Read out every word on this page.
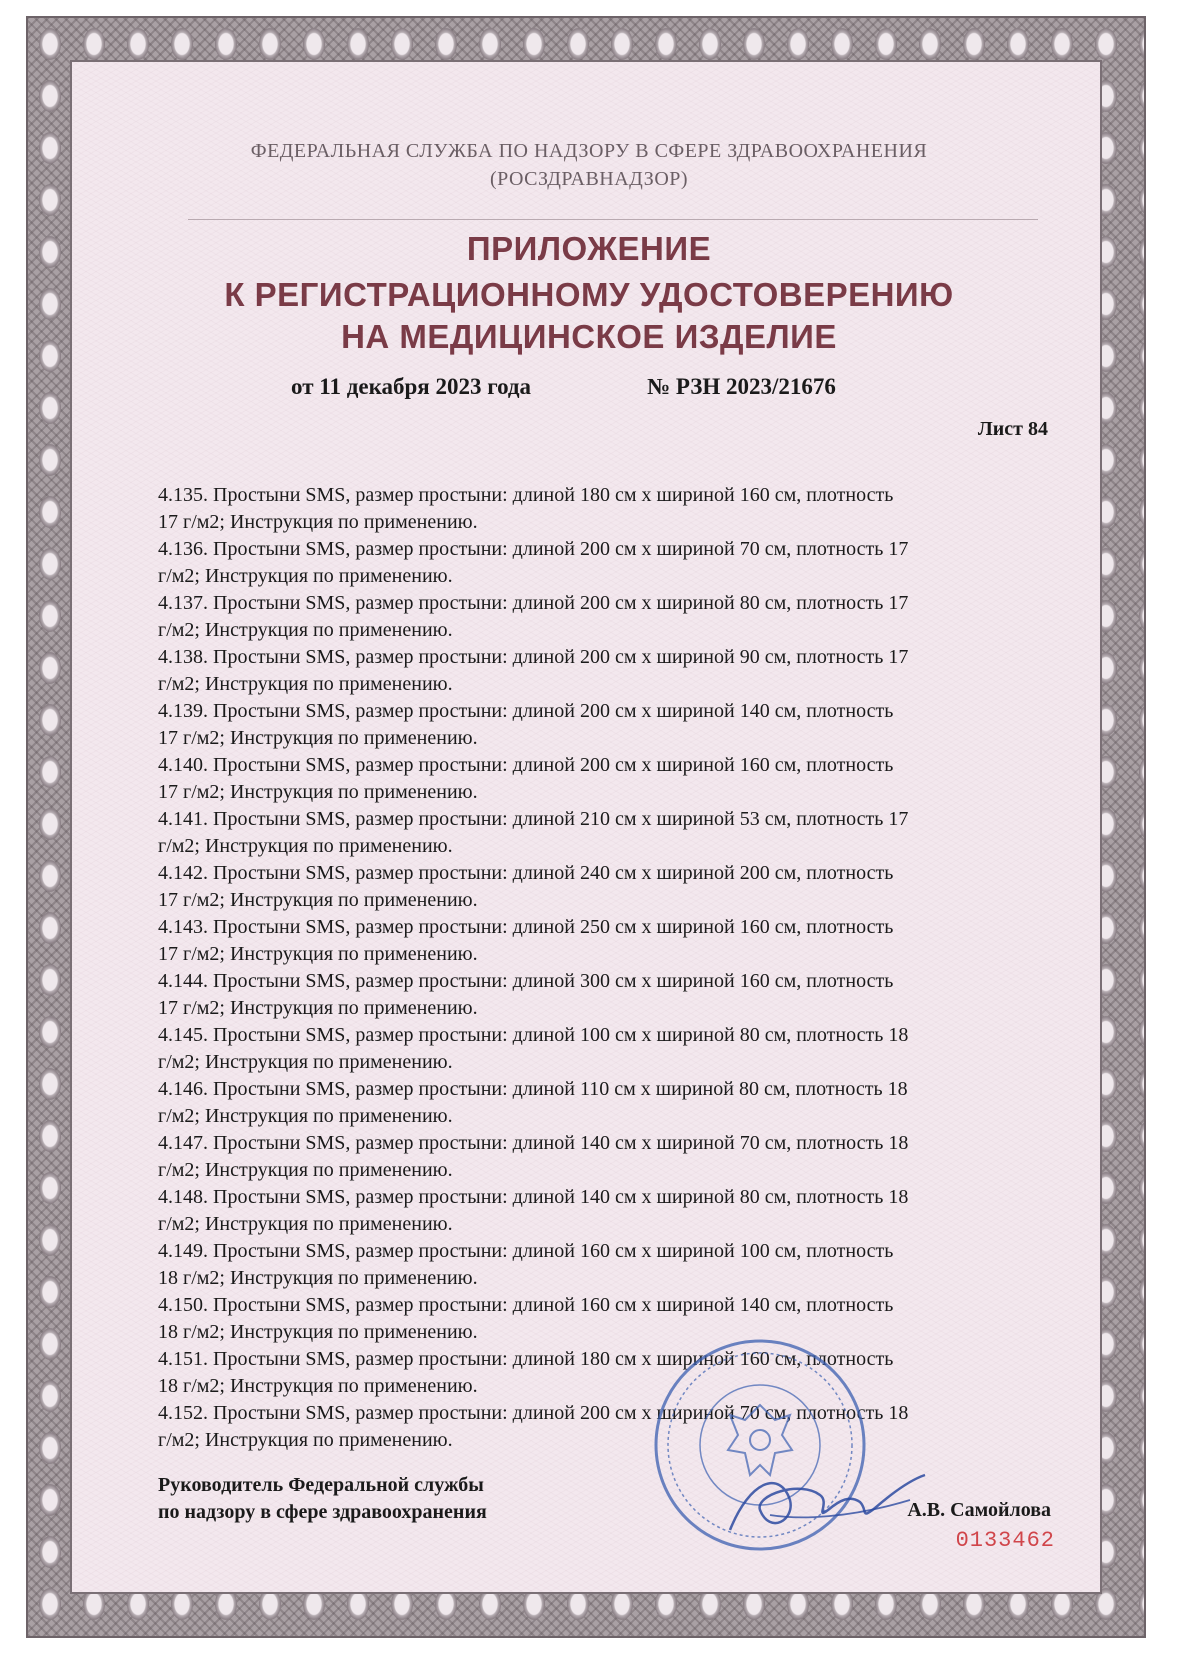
ФЕДЕРАЛЬНАЯ СЛУЖБА ПО НАДЗОРУ В СФЕРЕ ЗДРАВООХРАНЕНИЯ
(РОСЗДРАВНАДЗОР)
ПРИЛОЖЕНИЕ
К РЕГИСТРАЦИОННОМУ УДОСТОВЕРЕНИЮ
НА МЕДИЦИНСКОЕ ИЗДЕЛИЕ
от 11 декабря 2023 года	№ РЗН 2023/21676
Лист 84

4.135. Простыни SMS, размер простыни: длиной 180 см х шириной 160 см, плотность

17 г/м2; Инструкция по применению.

4.136. Простыни SMS, размер простыни: длиной 200 см х шириной 70 см, плотность 17

г/м2; Инструкция по применению.

4.137. Простыни SMS, размер простыни: длиной 200 см х шириной 80 см, плотность 17

г/м2; Инструкция по применению.

4.138. Простыни SMS, размер простыни: длиной 200 см х шириной 90 см, плотность 17

г/м2; Инструкция по применению.

4.139. Простыни SMS, размер простыни: длиной 200 см х шириной 140 см, плотность

17 г/м2; Инструкция по применению.

4.140. Простыни SMS, размер простыни: длиной 200 см х шириной 160 см, плотность

17 г/м2; Инструкция по применению.

4.141. Простыни SMS, размер простыни: длиной 210 см х шириной 53 см, плотность 17

г/м2; Инструкция по применению.

4.142. Простыни SMS, размер простыни: длиной 240 см х шириной 200 см, плотность

17 г/м2; Инструкция по применению.

4.143. Простыни SMS, размер простыни: длиной 250 см х шириной 160 см, плотность

17 г/м2; Инструкция по применению.

4.144. Простыни SMS, размер простыни: длиной 300 см х шириной 160 см, плотность

17 г/м2; Инструкция по применению.

4.145. Простыни SMS, размер простыни: длиной 100 см х шириной 80 см, плотность 18

г/м2; Инструкция по применению.

4.146. Простыни SMS, размер простыни: длиной 110 см х шириной 80 см, плотность 18

г/м2; Инструкция по применению.

4.147. Простыни SMS, размер простыни: длиной 140 см х шириной 70 см, плотность 18

г/м2; Инструкция по применению.

4.148. Простыни SMS, размер простыни: длиной 140 см х шириной 80 см, плотность 18

г/м2; Инструкция по применению.

4.149. Простыни SMS, размер простыни: длиной 160 см х шириной 100 см, плотность

18 г/м2; Инструкция по применению.

4.150. Простыни SMS, размер простыни: длиной 160 см х шириной 140 см, плотность

18 г/м2; Инструкция по применению.

4.151. Простыни SMS, размер простыни: длиной 180 см х шириной 160 см, плотность

18 г/м2; Инструкция по применению.

4.152. Простыни SMS, размер простыни: длиной 200 см х шириной 70 см, плотность 18

г/м2; Инструкция по применению.

Руководитель Федеральной службы
по надзору в сфере здравоохранения	А.В. Самойлова
0133462
